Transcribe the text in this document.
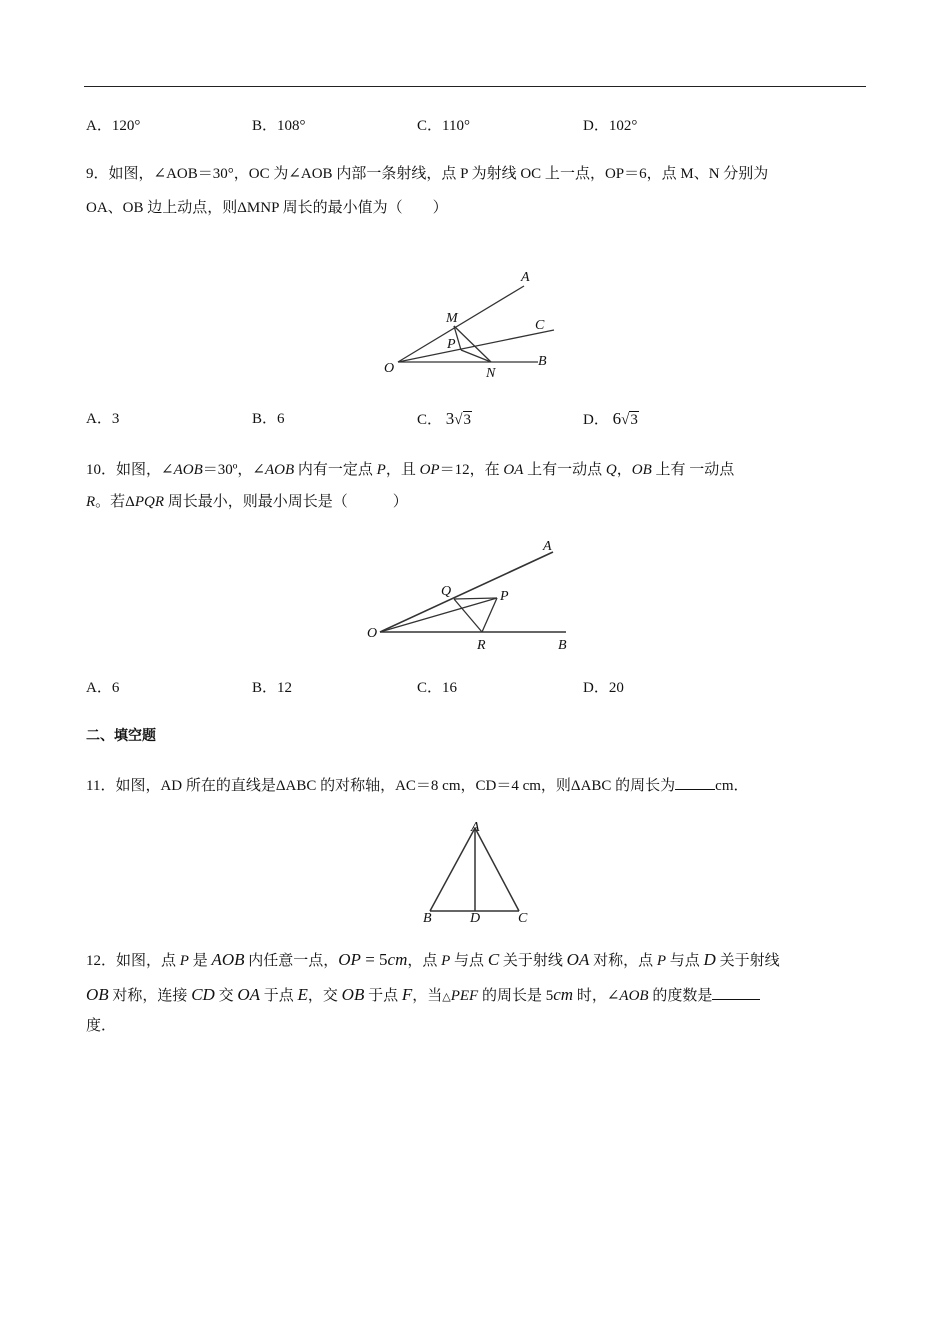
A．120°	B．108°	C．110°	D．102°
9．如图，∠AOB＝30°，OC 为∠AOB 内部一条射线，点 P 为射线 OC 上一点，OP＝6，点 M、N 分别为
OA、OB 边上动点，则ΔMNP 周长的最小值为（　　）
O
A
B
C
M
N
P
A．3	B．6	C． 3√3	D． 6√3
10．如图，∠AOB＝30º，∠AOB 内有一定点 P，且 OP＝12，在 OA 上有一动点 Q，OB 上有 一动点
R。若ΔPQR 周长最小，则最小周长是（　　　）
O
A
B
P
Q
R
A．6	B．12	C．16	D．20
二、填空题
11．如图，AD 所在的直线是ΔABC 的对称轴，AC＝8 cm，CD＝4 cm，则ΔABC 的周长为	cm．
A
B	D	C
12．如图，点 P 是 AOB 内任意一点，OP = 5cm，点 P 与点 C 关于射线 OA 对称，点 P 与点 D 关于射线
OB 对称，连接 CD 交 OA 于点 E，交 OB 于点 F，当△PEF 的周长是 5cm 时，∠AOB 的度数是
度．
